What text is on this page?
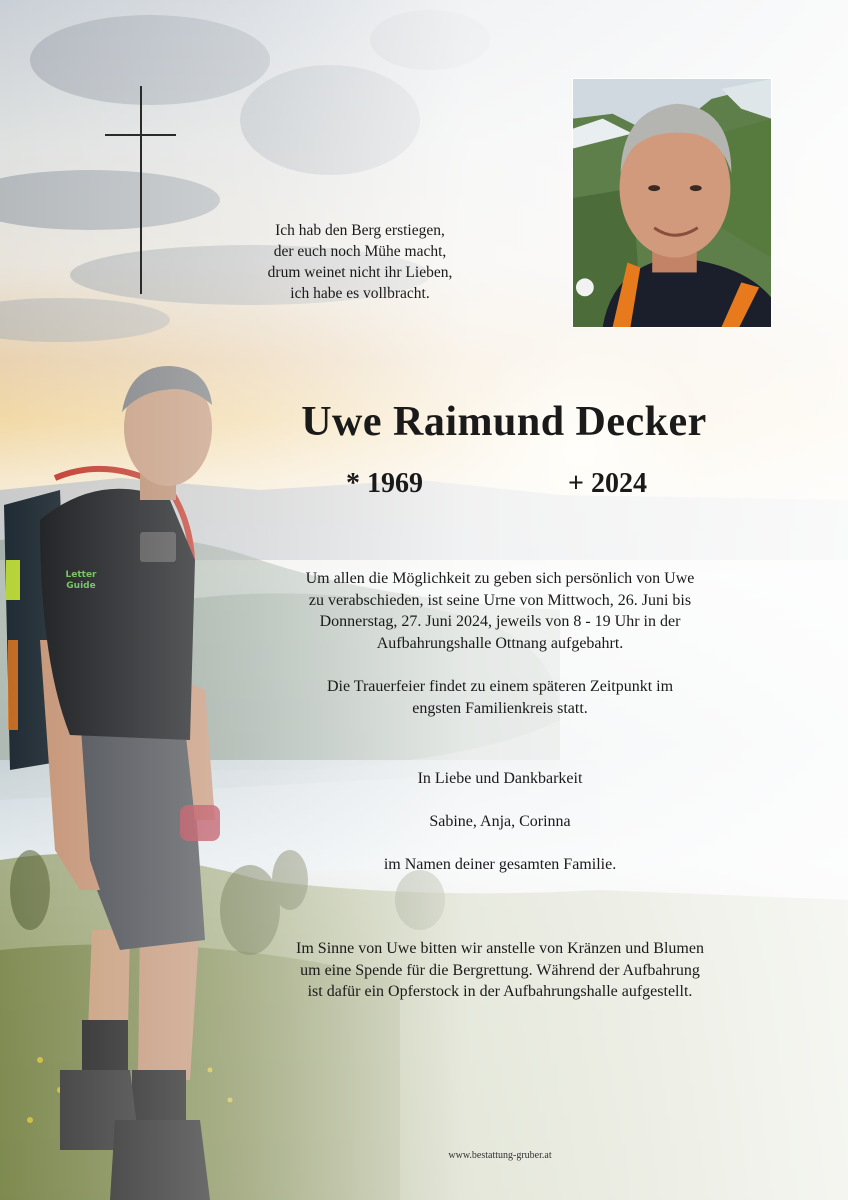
Letter
Guide
Ich hab den Berg erstiegen,
der euch noch Mühe macht,
drum weinet nicht ihr Lieben,
ich habe es vollbracht.
Uwe Raimund Decker
* 1969	+ 2024
Um allen die Möglichkeit zu geben sich persönlich von Uwe
zu verabschieden, ist seine Urne von Mittwoch, 26. Juni bis
Donnerstag, 27. Juni 2024, jeweils von 8 - 19 Uhr in der
Aufbahrungshalle Ottnang aufgebahrt.
Die Trauerfeier findet zu einem späteren Zeitpunkt im
engsten Familienkreis statt.
In Liebe und Dankbarkeit
Sabine, Anja, Corinna
im Namen deiner gesamten Familie.
Im Sinne von Uwe bitten wir anstelle von Kränzen und Blumen
um eine Spende für die Bergrettung. Während der Aufbahrung
ist dafür ein Opferstock in der Aufbahrungshalle aufgestellt.
www.bestattung-gruber.at
